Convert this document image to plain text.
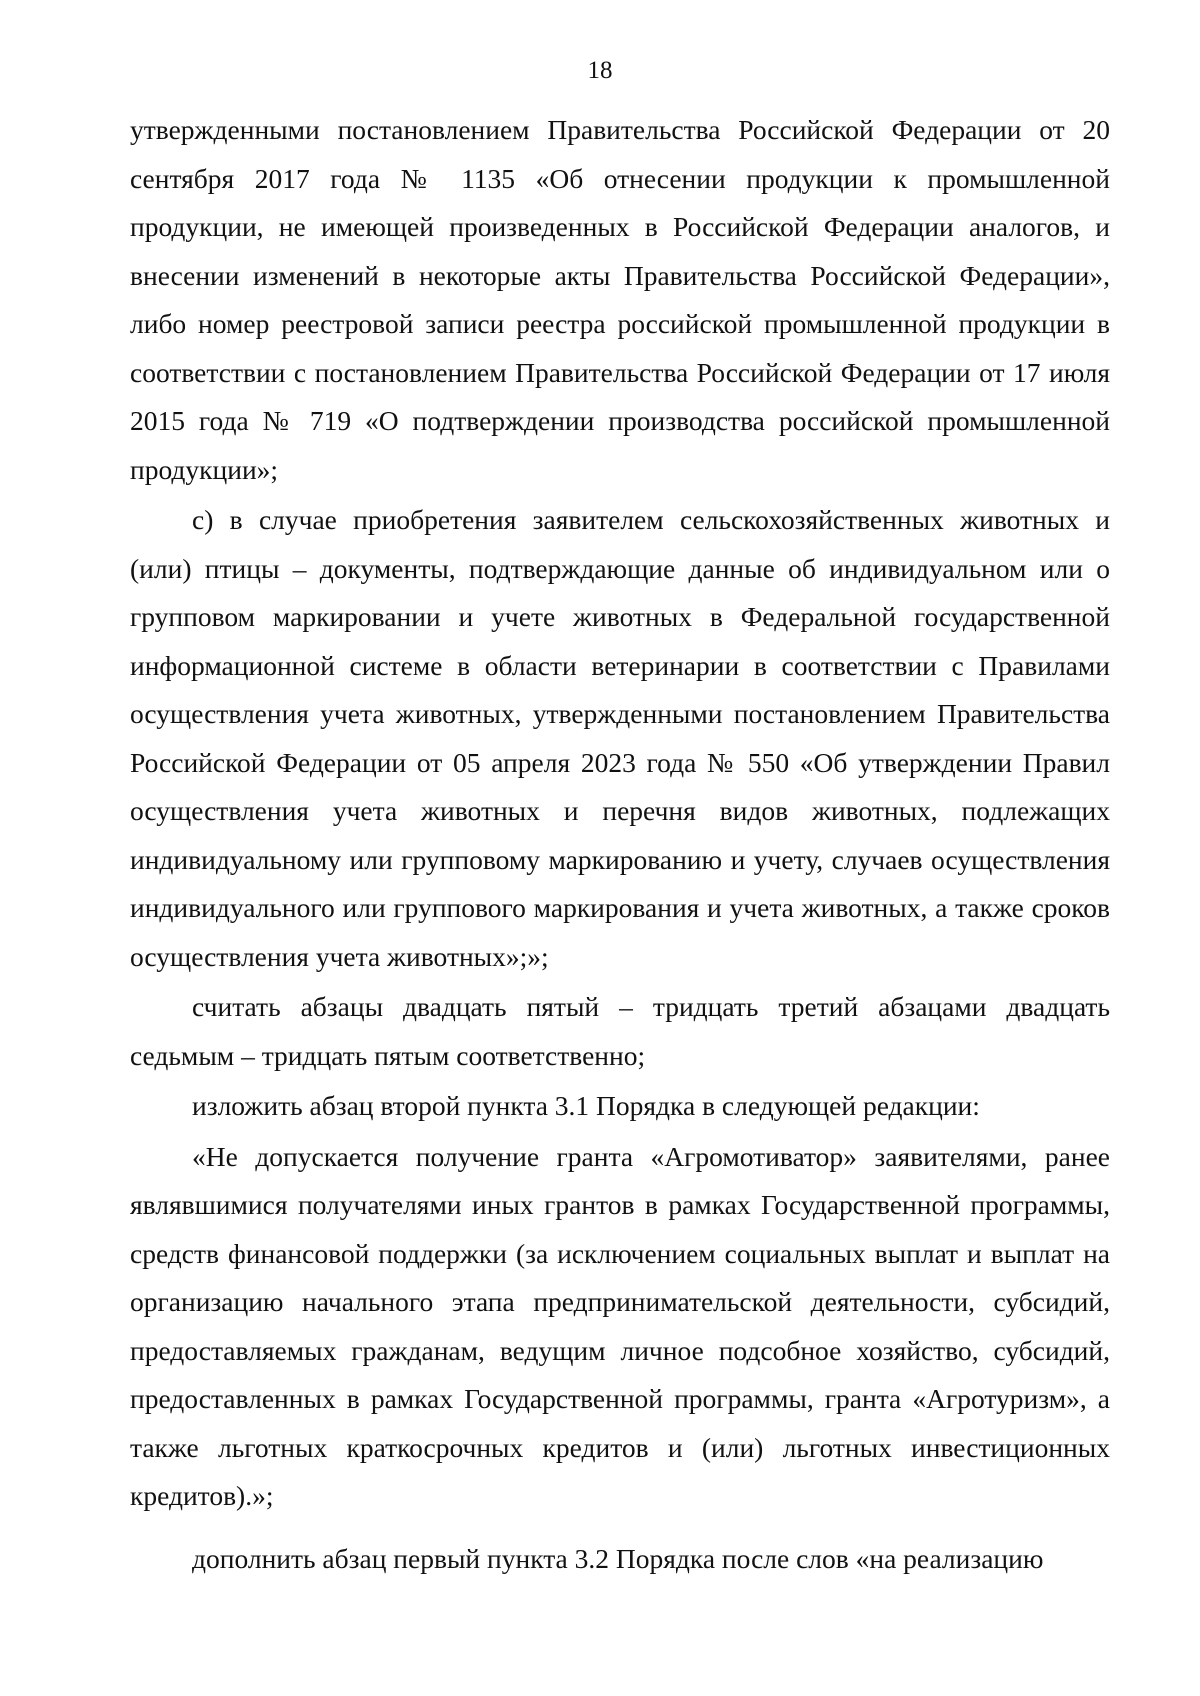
18

утвержденными постановлением Правительства Российской Федерации от 20 сентября 2017 года № 1135 «Об отнесении продукции к промышленной продукции, не имеющей произведенных в Российской Федерации аналогов, и внесении изменений в некоторые акты Правительства Российской Федерации», либо номер реестровой записи реестра российской промышленной продукции в соответствии с постановлением Правительства Российской Федерации от 17 июля 2015 года № 719 «О подтверждении производства российской промышленной продукции»;

с) в случае приобретения заявителем сельскохозяйственных животных и (или) птицы – документы, подтверждающие данные об индивидуальном или о групповом маркировании и учете животных в Федеральной государственной информационной системе в области ветеринарии в соответствии с Правилами осуществления учета животных, утвержденными постановлением Правительства Российской Федерации от 05 апреля 2023 года № 550 «Об утверждении Правил осуществления учета животных и перечня видов животных, подлежащих индивидуальному или групповому маркированию и учету, случаев осуществления индивидуального или группового маркирования и учета животных, а также сроков осуществления учета животных»;»;

считать абзацы двадцать пятый – тридцать третий абзацами двадцать седьмым – тридцать пятым соответственно;

изложить абзац второй пункта 3.1 Порядка в следующей редакции:

«Не допускается получение гранта «Агромотиватор» заявителями, ранее являвшимися получателями иных грантов в рамках Государственной программы, средств финансовой поддержки (за исключением социальных выплат и выплат на организацию начального этапа предпринимательской деятельности, субсидий, предоставляемых гражданам, ведущим личное подсобное хозяйство, субсидий, предоставленных в рамках Государственной программы, гранта «Агротуризм», а также льготных краткосрочных кредитов и (или) льготных инвестиционных кредитов).»;

дополнить абзац первый пункта 3.2 Порядка после слов «на реализацию
